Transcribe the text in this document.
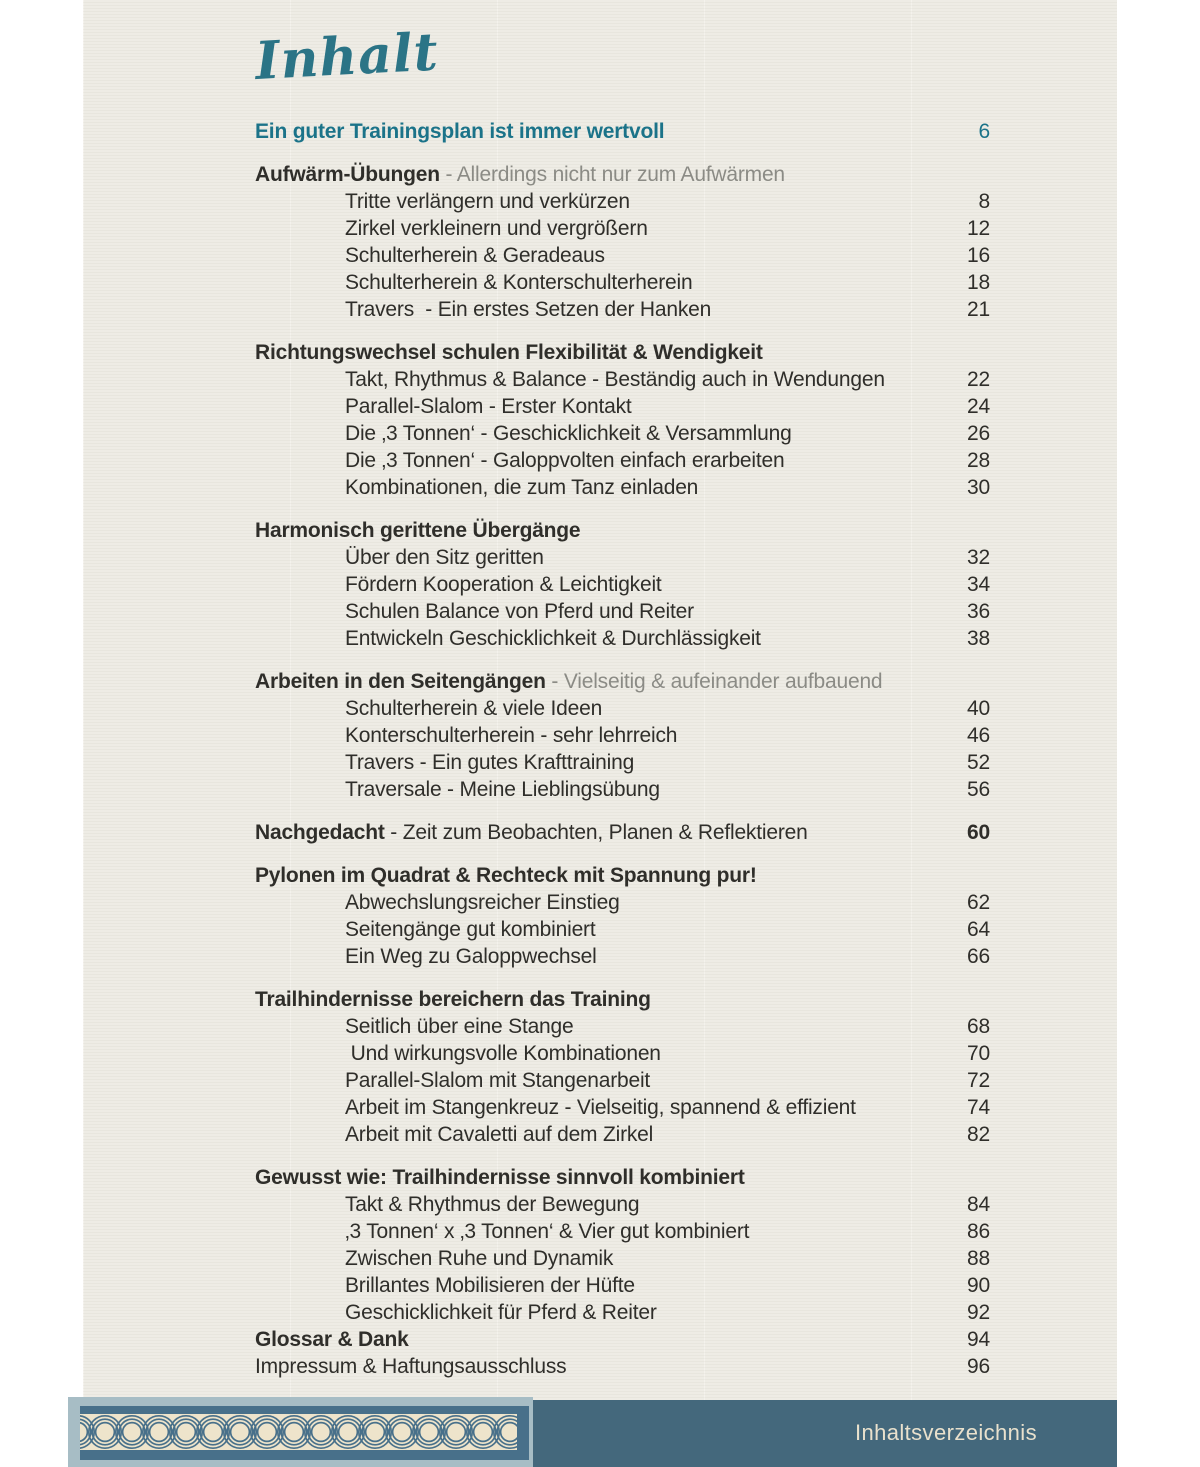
Inhalt
Ein guter Trainingsplan ist immer wertvoll	6
Aufwärm-Übungen - Allerdings nicht nur zum Aufwärmen
Tritte verlängern und verkürzen	8
Zirkel verkleinern und vergrößern	12
Schulterherein & Geradeaus	16
Schulterherein & Konterschulterherein	18
Travers  - Ein erstes Setzen der Hanken	21
Richtungswechsel schulen Flexibilität & Wendigkeit
Takt, Rhythmus & Balance - Beständig auch in Wendungen	22
Parallel-Slalom - Erster Kontakt	24
Die ‚3 Tonnen‘ - Geschicklichkeit & Versammlung	26
Die ‚3 Tonnen‘ - Galoppvolten einfach erarbeiten	28
Kombinationen, die zum Tanz einladen	30
Harmonisch gerittene Übergänge
Über den Sitz geritten	32
Fördern Kooperation & Leichtigkeit	34
Schulen Balance von Pferd und Reiter	36
Entwickeln Geschicklichkeit & Durchlässigkeit	38
Arbeiten in den Seitengängen - Vielseitig & aufeinander aufbauend
Schulterherein & viele Ideen	40
Konterschulterherein - sehr lehrreich	46
Travers - Ein gutes Krafttraining	52
Traversale - Meine Lieblingsübung	56
Nachgedacht - Zeit zum Beobachten, Planen & Reflektieren	60
Pylonen im Quadrat & Rechteck mit Spannung pur!
Abwechslungsreicher Einstieg	62
Seitengänge gut kombiniert	64
Ein Weg zu Galoppwechsel	66
Trailhindernisse bereichern das Training
Seitlich über eine Stange	68
Und wirkungsvolle Kombinationen	70
Parallel-Slalom mit Stangenarbeit	72
Arbeit im Stangenkreuz - Vielseitig, spannend & effizient	74
Arbeit mit Cavaletti auf dem Zirkel	82
Gewusst wie: Trailhindernisse sinnvoll kombiniert
Takt & Rhythmus der Bewegung	84
‚3 Tonnen‘ x ‚3 Tonnen‘ & Vier gut kombiniert	86
Zwischen Ruhe und Dynamik	88
Brillantes Mobilisieren der Hüfte	90
Geschicklichkeit für Pferd & Reiter	92
Glossar & Dank	94
Impressum & Haftungsausschluss	96
Inhaltsverzeichnis
